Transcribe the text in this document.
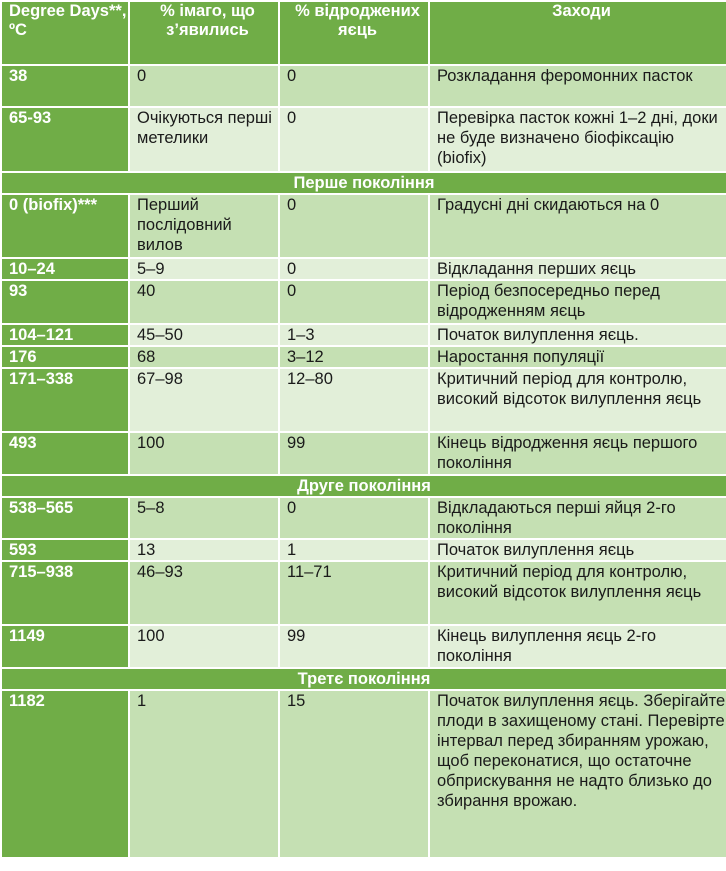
Degree Days**, ºC	% імаго, що з’явились	% відроджених яєць	Заходи
38	0	0	Розкладання феромонних пасток
65-93	Очікуються перші метелики	0	Перевірка пасток кожні 1–2 дні, доки не буде визначено біофіксацію (biofix)
Перше покоління			
0 (biofix)***	Перший послідовний вилов	0	Градусні дні скидаються на 0
10–24	5–9	0	Відкладання перших яєць
93	40	0	Період безпосередньо перед відродженням яєць
104–121	45–50	1–3	Початок вилуплення яєць.
176	68	3–12	Наростання популяції
171–338	67–98	12–80	Критичний період для контролю, високий відсоток вилуплення яєць
493	100	99	Кінець відродження яєць першого покоління
Друге покоління			
538–565	5–8	0	Відкладаються перші яйця 2-го покоління
593	13	1	Початок вилуплення яєць
715–938	46–93	11–71	Критичний період для контролю, високий відсоток вилуплення яєць
1149	100	99	Кінець вилуплення яєць 2-го покоління
Третє покоління			
1182	1	15	Початок вилуплення яєць. Зберігайте плоди в захищеному стані. Перевірте інтервал перед збиранням урожаю, щоб переконатися, що остаточне обприскування не надто близько до збирання врожаю.
